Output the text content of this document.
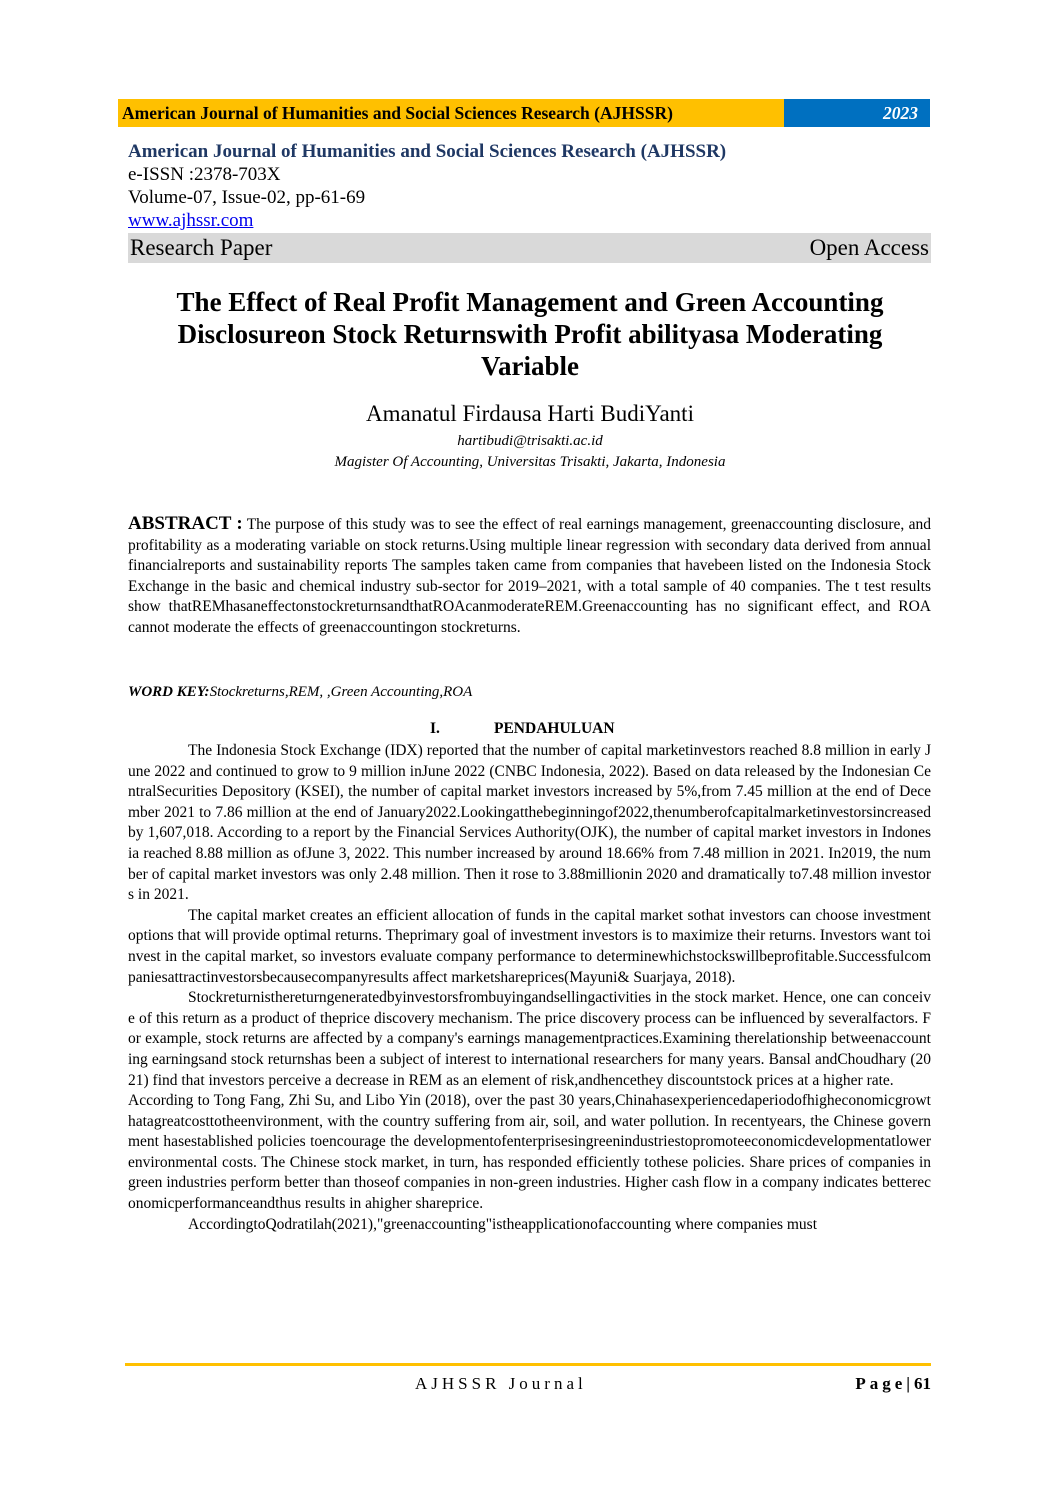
American Journal of Humanities and Social Sciences Research (AJHSSR)	2023
American Journal of Humanities and Social Sciences Research (AJHSSR)
e-ISSN :2378-703X
Volume-07, Issue-02, pp-61-69
www.ajhssr.com
Research Paper	Open Access
The Effect of Real Profit Management and Green Accounting Disclosureon Stock Returnswith Profit abilityasa Moderating Variable
Amanatul Firdausa Harti BudiYanti
hartibudi@trisakti.ac.id
Magister Of Accounting, Universitas Trisakti, Jakarta, Indonesia
ABSTRACT : The purpose of this study was to see the effect of real earnings management, greenaccounting disclosure, and profitability as a moderating variable on stock returns.Using multiple linear regression with secondary data derived from annual financialreports and sustainability reports The samples taken came from companies that havebeen listed on the Indonesia Stock Exchange in the basic and chemical industry sub-sector for 2019–2021, with a total sample of 40 companies. The t test results show thatREMhasaneffectonstockreturnsandthatROAcanmoderateREM.Greenaccounting has no significant effect, and ROA cannot moderate the effects of greenaccountingon stockreturns.
WORD KEY:Stockreturns,REM, ,Green Accounting,ROA
I.	PENDAHULUAN

The Indonesia Stock Exchange (IDX) reported that the number of capital marketinvestors reached 8.8 million in early June 2022 and continued to grow to 9 million inJune 2022 (CNBC Indonesia, 2022). Based on data released by the Indonesian CentralSecurities Depository (KSEI), the number of capital market investors increased by 5%,from 7.45 million at the end of December 2021 to 7.86 million at the end of January2022.Lookingatthebeginningof2022,thenumberofcapitalmarketinvestorsincreased by 1,607,018. According to a report by the Financial Services Authority(OJK), the number of capital market investors in Indonesia reached 8.88 million as ofJune 3, 2022. This number increased by around 18.66% from 7.48 million in 2021. In2019, the number of capital market investors was only 2.48 million. Then it rose to 3.88millionin 2020 and dramatically to7.48 million investors in 2021.

The capital market creates an efficient allocation of funds in the capital market sothat investors can choose investment options that will provide optimal returns. Theprimary goal of investment investors is to maximize their returns. Investors want toinvest in the capital market, so investors evaluate company performance to determinewhichstockswillbeprofitable.Successfulcompaniesattractinvestorsbecausecompanyresults affect marketshareprices(Mayuni& Suarjaya, 2018).

Stockreturnisthereturngeneratedbyinvestorsfrombuyingandsellingactivities in the stock market. Hence, one can conceive of this return as a product of theprice discovery mechanism. The price discovery process can be influenced by severalfactors. For example, stock returns are affected by a company's earnings managementpractices.Examining therelationship betweenaccounting earningsand stock returnshas been a subject of interest to international researchers for many years. Bansal andChoudhary (2021) find that investors perceive a decrease in REM as an element of risk,andhencethey discountstock prices at a higher rate.

According to Tong Fang, Zhi Su, and Libo Yin (2018), over the past 30 years,Chinahasexperiencedaperiodofhigheconomicgrowthatagreatcosttotheenvironment, with the country suffering from air, soil, and water pollution. In recentyears, the Chinese government hasestablished policies toencourage the developmentofenterprisesingreenindustriestopromoteeconomicdevelopmentatlowerenvironmental costs. The Chinese stock market, in turn, has responded efficiently tothese policies. Share prices of companies in green industries perform better than thoseof companies in non-green industries. Higher cash flow in a company indicates bettereconomicperformanceandthus results in ahigher shareprice.

AccordingtoQodratilah(2021),"greenaccounting"istheapplicationofaccounting where companies must

AJHSSR Journal	Page| 61
